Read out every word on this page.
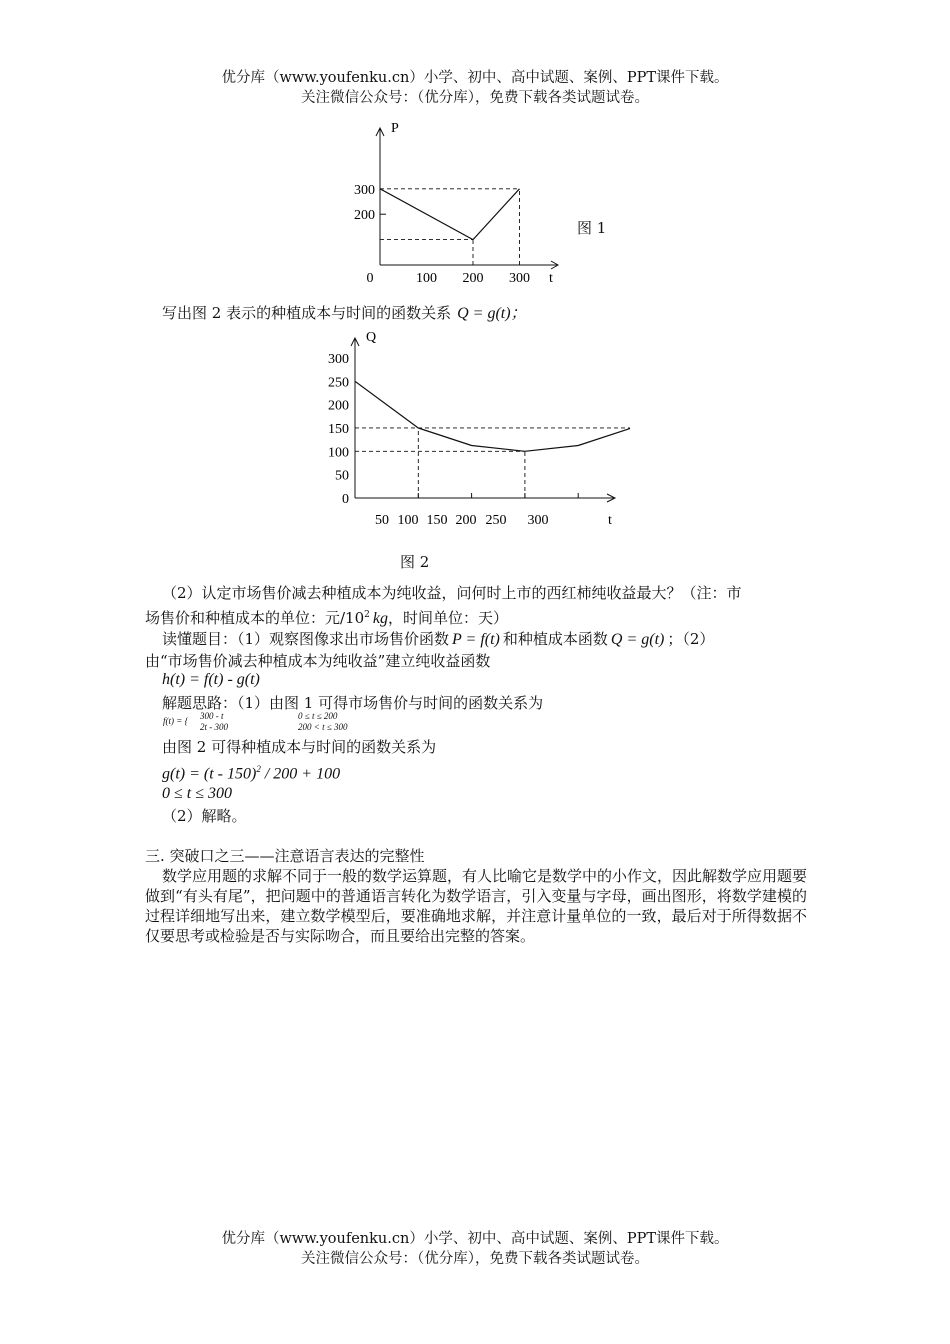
优分库（www.youfenku.cn）小学、初中、高中试题、案例、PPT课件下载。
关注微信公众号：（优分库），免费下载各类试题试卷。
P
t
0	100 200 300
300
200
图 1
写出图 2 表示的种植成本与时间的函数关系 Q = g(t)；
Q
t
50 100 150 200 250 300
300
250
200
150
100
50
0
图 2
（2）认定市场售价减去种植成本为纯收益，问何时上市的西红柿纯收益最大？（注：市
场售价和种植成本的单位：元$/10^2$ kg，时间单位：天）
读懂题目：（1）观察图像求出市场售价函数 P = f(t) 和种植成本函数 Q = g(t) ；（2）
由“市场售价减去种植成本为纯收益”建立纯收益函数
h(t) = f(t) - g(t)
解题思路：（1）由图 1 可得市场售价与时间的函数关系为
f(t) = { 300 - t	0 ≤ t ≤ 200
2t - 300	200 < t ≤ 300
由图 2 可得种植成本与时间的函数关系为
g(t) = (t - 150)$^2$ / 200 + 100
0 ≤ t ≤ 300
（2）解略。
三. 突破口之三——注意语言表达的完整性
数学应用题的求解不同于一般的数学运算题，有人比喻它是数学中的小作文，因此解数学应用题要做到“有头有尾”，把问题中的普通语言转化为数学语言，引入变量与字母，画出图形，将数学建模的过程详细地写出来，建立数学模型后，要准确地求解，并注意计量单位的一致，最后对于所得数据不仅要思考或检验是否与实际吻合，而且要给出完整的答案。
优分库（www.youfenku.cn）小学、初中、高中试题、案例、PPT课件下载。
关注微信公众号：（优分库），免费下载各类试题试卷。
